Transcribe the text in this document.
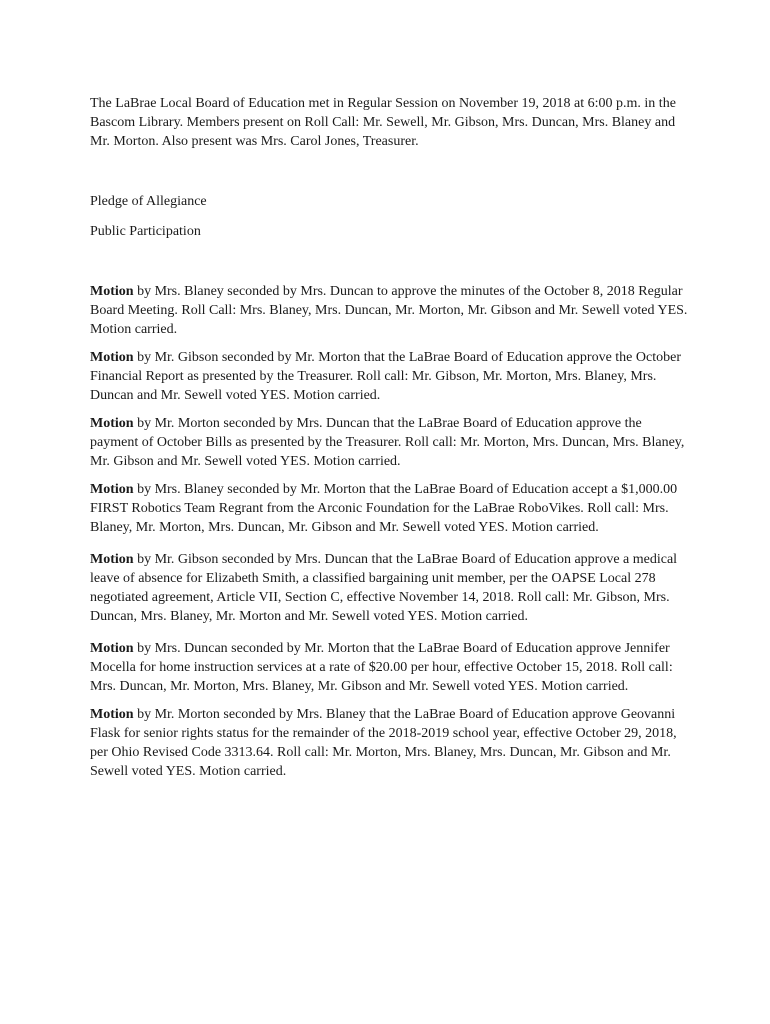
The LaBrae Local Board of Education met in Regular Session on November 19, 2018 at 6:00 p.m. in the Bascom Library. Members present on Roll Call: Mr. Sewell, Mr. Gibson, Mrs. Duncan, Mrs. Blaney and Mr. Morton. Also present was Mrs. Carol Jones, Treasurer.

Pledge of Allegiance

Public Participation

Motion by Mrs. Blaney seconded by Mrs. Duncan to approve the minutes of the October 8, 2018 Regular Board Meeting. Roll Call: Mrs. Blaney, Mrs. Duncan, Mr. Morton, Mr. Gibson and Mr. Sewell voted YES. Motion carried.

Motion by Mr. Gibson seconded by Mr. Morton that the LaBrae Board of Education approve the October Financial Report as presented by the Treasurer. Roll call: Mr. Gibson, Mr. Morton, Mrs. Blaney, Mrs. Duncan and Mr. Sewell voted YES. Motion carried.

Motion by Mr. Morton seconded by Mrs. Duncan that the LaBrae Board of Education approve the payment of October Bills as presented by the Treasurer. Roll call: Mr. Morton, Mrs. Duncan, Mrs. Blaney, Mr. Gibson and Mr. Sewell voted YES. Motion carried.

Motion by Mrs. Blaney seconded by Mr. Morton that the LaBrae Board of Education accept a $1,000.00 FIRST Robotics Team Regrant from the Arconic Foundation for the LaBrae RoboVikes. Roll call: Mrs. Blaney, Mr. Morton, Mrs. Duncan, Mr. Gibson and Mr. Sewell voted YES. Motion carried.

Motion by Mr. Gibson seconded by Mrs. Duncan that the LaBrae Board of Education approve a medical leave of absence for Elizabeth Smith, a classified bargaining unit member, per the OAPSE Local 278 negotiated agreement, Article VII, Section C, effective November 14, 2018. Roll call: Mr. Gibson, Mrs. Duncan, Mrs. Blaney, Mr. Morton and Mr. Sewell voted YES. Motion carried.

Motion by Mrs. Duncan seconded by Mr. Morton that the LaBrae Board of Education approve Jennifer Mocella for home instruction services at a rate of $20.00 per hour, effective October 15, 2018. Roll call: Mrs. Duncan, Mr. Morton, Mrs. Blaney, Mr. Gibson and Mr. Sewell voted YES. Motion carried.

Motion by Mr. Morton seconded by Mrs. Blaney that the LaBrae Board of Education approve Geovanni Flask for senior rights status for the remainder of the 2018-2019 school year, effective October 29, 2018, per Ohio Revised Code 3313.64. Roll call: Mr. Morton, Mrs. Blaney, Mrs. Duncan, Mr. Gibson and Mr. Sewell voted YES. Motion carried.
